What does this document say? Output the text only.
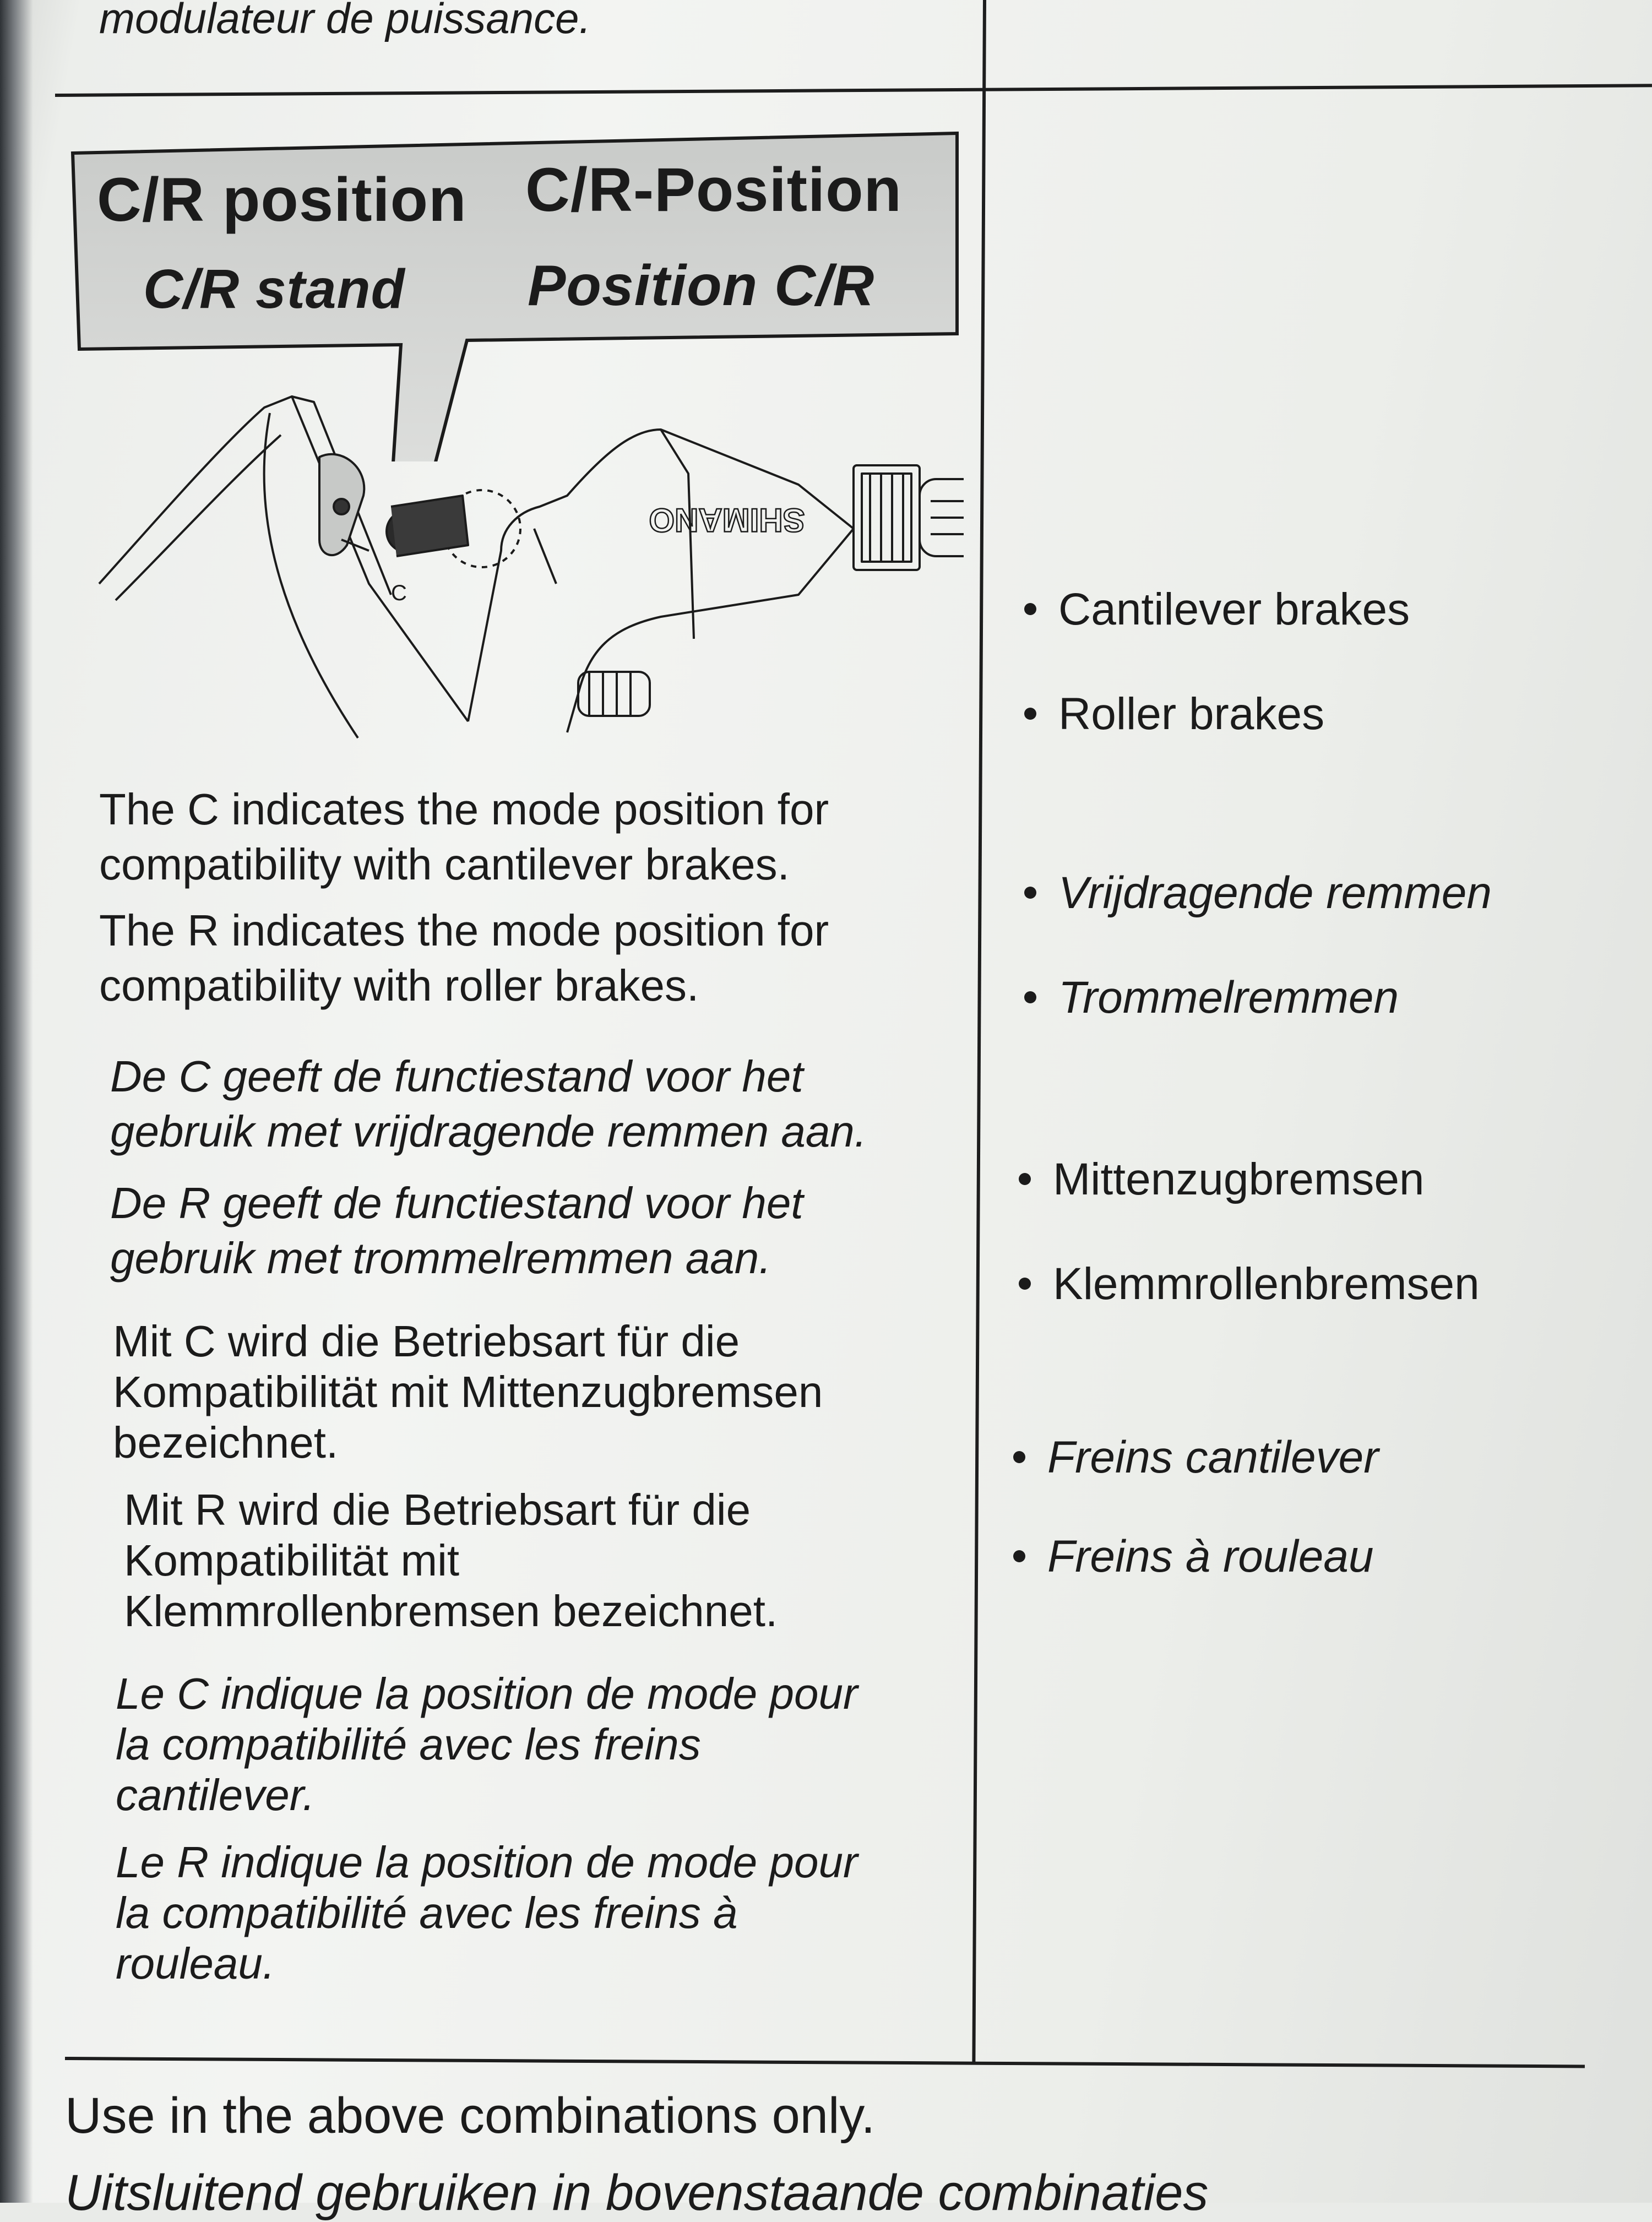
modulateur de puissance.
C/R position C/R-Position
C/R stand Position C/R
SHIMANO
C

The C indicates the mode position for

compatibility with cantilever brakes.

The R indicates the mode position for

compatibility with roller brakes.

De C geeft de functiestand voor het

gebruik met vrijdragende remmen aan.

De R geeft de functiestand voor het

gebruik met trommelremmen aan.

Mit C wird die Betriebsart für die

Kompatibilität mit Mittenzugbremsen

bezeichnet.

Mit R wird die Betriebsart für die

Kompatibilität mit

Klemmrollenbremsen bezeichnet.

Le C indique la position de mode pour

la compatibilité avec les freins

cantilever.

Le R indique la position de mode pour

la compatibilité avec les freins à

rouleau.

Cantilever brakes
Roller brakes
Vrijdragende remmen
Trommelremmen
Mittenzugbremsen
Klemmrollenbremsen
Freins cantilever
Freins à rouleau
Use in the above combinations only.
Uitsluitend gebruiken in bovenstaande combinaties
